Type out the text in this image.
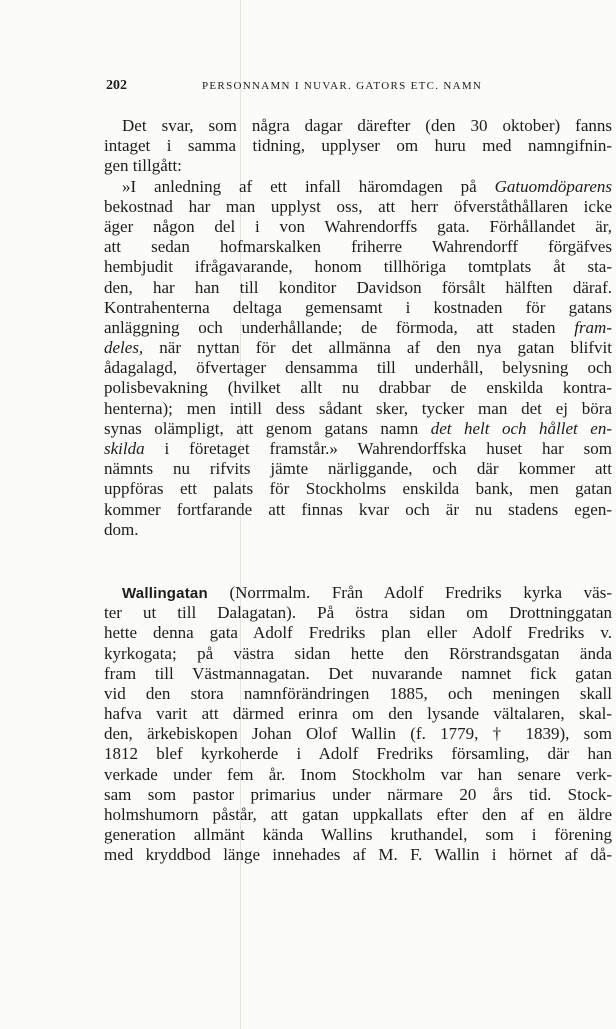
202	PERSONNAMN I NUVAR. GATORS ETC. NAMN
Det svar, som några dagar därefter (den 30 oktober) fanns
intaget i samma tidning, upplyser om huru med namngifnin-
gen tillgått:
»I anledning af ett infall häromdagen på Gatuomdöparens
bekostnad har man upplyst oss, att herr öfverståthållaren icke
äger någon del i von Wahrendorffs gata. Förhållandet är,
att sedan hofmarskalken friherre Wahrendorff förgäfves
hembjudit ifrågavarande, honom tillhöriga tomtplats åt sta-
den, har han till konditor Davidson försålt hälften däraf.
Kontrahenterna deltaga gemensamt i kostnaden för gatans
anläggning och underhållande; de förmoda, att staden fram-
deles, när nyttan för det allmänna af den nya gatan blifvit
ådagalagd, öfvertager densamma till underhåll, belysning och
polisbevakning (hvilket allt nu drabbar de enskilda kontra-
henterna); men intill dess sådant sker, tycker man det ej böra
synas olämpligt, att genom gatans namn det helt och hållet en-
skilda i företaget framstår.» Wahrendorffska huset har som
nämnts nu rifvits jämte närliggande, och där kommer att
uppföras ett palats för Stockholms enskilda bank, men gatan
kommer fortfarande att finnas kvar och är nu stadens egen-
dom.
Wallingatan (Norrmalm. Från Adolf Fredriks kyrka väs-
ter ut till Dalagatan). På östra sidan om Drottninggatan
hette denna gata Adolf Fredriks plan eller Adolf Fredriks v.
kyrkogata; på västra sidan hette den Rörstrandsgatan ända
fram till Västmannagatan. Det nuvarande namnet fick gatan
vid den stora namnförändringen 1885, och meningen skall
hafva varit att därmed erinra om den lysande vältalaren, skal-
den, ärkebiskopen Johan Olof Wallin (f. 1779, † 1839), som
1812 blef kyrkoherde i Adolf Fredriks församling, där han
verkade under fem år. Inom Stockholm var han senare verk-
sam som pastor primarius under närmare 20 års tid. Stock-
holmshumorn påstår, att gatan uppkallats efter den af en äldre
generation allmänt kända Wallins kruthandel, som i förening
med kryddbod länge innehades af M. F. Wallin i hörnet af då-
